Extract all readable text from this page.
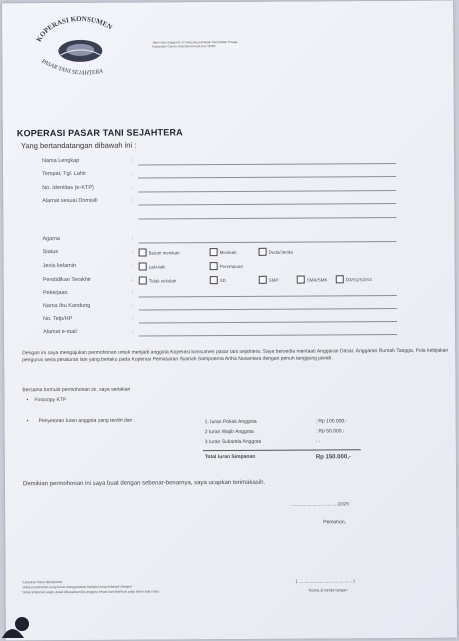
KOPERASI KONSUMEN
PASAR TANI SEJAHTERA
Jalan raya cisaga km 17 kampung pamepan Kecamatan Cisaga Kabupaten Ciamis Jawa Barat Kode pos 46283
KOPERASI PASAR TANI SEJAHTERA
Yang bertandatangan dibawah ini :
Nama Lengkap	:
Tempat, Tgl. Lahir	:
No. Identitas (e-KTP)	:
Alamat sesuai Domisili	:
Agama	:
Status	:	Belum menikah	Menikah	Duda/Janda
Jenis kelamin	:	Laki-laki	Perempuan
Pendidikan Terakhir	:	Tidak sekolah	SD	SMP	SMA/SMK	D3/S1/S2/S3
Pekerjaan	:
Nama Ibu Kandung	:
No. Telp/HP	:
Alamat e-mail	:
Dengan ini saya mengajukan permohonan untuk menjadi anggota Koperasi konsumen pasar tani sejahtera. Saya bersedia mentaati Anggaran Dasar, Anggaran Rumah Tangga, Pola kebijakan pengurus serta peraturan lain yang berlaku pada Koperasi Pemasaran Syariah Sampoerna Artha Nusantara dengan penuh tanggung jawab.
Bersama formulir permohonan ini, saya sertakan
• Fotocopy KTP
• Penyetoran Iuran anggota yang terdiri dari :	1. Iuran Pokok Anggota	: Rp 100.000,-
2 Iuran Wajib Anggota	: Rp 50.000,-
3 Iuran Sukarela Anggota	: -
Total Iuran Simpanan	Rp 150.000,-
Demikian permohonan ini saya buat dengan sebenar-benarnya, saya ucapkan terimakasih.
........................., .........../2025
Pemohon,
(.............................................)
Nama & tanda tangan
*Lampiran harus dilampirkan
*untuk penyerahan uang harus menggunakan kwitansi yang terlampir stampel
*untuk simpanan wajib, dapat dibayarkan jika anggota keluar dari distribusi pada tahun buku baru
